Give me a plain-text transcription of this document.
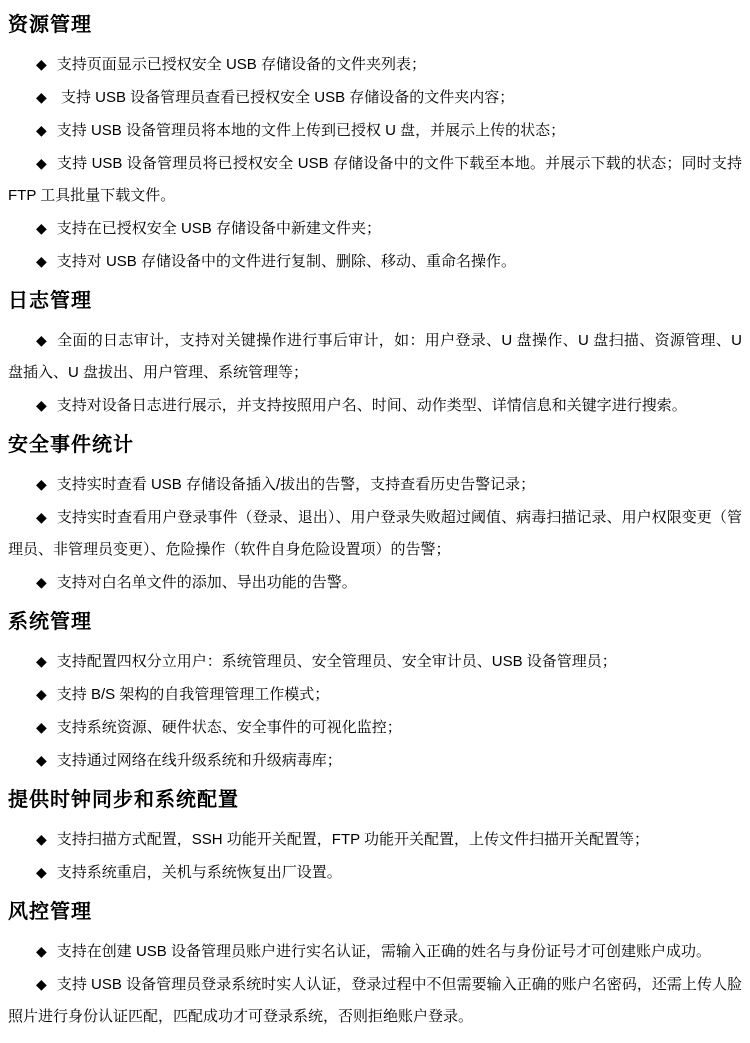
资源管理

◆ 支持页面显示已授权安全 USB 存储设备的文件夹列表；

◆ 支持 USB 设备管理员查看已授权安全 USB 存储设备的文件夹内容；

◆ 支持 USB 设备管理员将本地的文件上传到已授权 U 盘，并展示上传的状态；

◆ 支持 USB 设备管理员将已授权安全 USB 存储设备中的文件下载至本地。并展示下载的状态；同时支持 FTP 工具批量下载文件。

◆ 支持在已授权安全 USB 存储设备中新建文件夹；

◆ 支持对 USB 存储设备中的文件进行复制、删除、移动、重命名操作。

日志管理

◆ 全面的日志审计，支持对关键操作进行事后审计，如：用户登录、U 盘操作、U 盘扫描、资源管理、U 盘插入、U 盘拔出、用户管理、系统管理等；

◆ 支持对设备日志进行展示，并支持按照用户名、时间、动作类型、详情信息和关键字进行搜索。

安全事件统计

◆ 支持实时查看 USB 存储设备插入/拔出的告警，支持查看历史告警记录；

◆ 支持实时查看用户登录事件（登录、退出）、用户登录失败超过阈值、病毒扫描记录、用户权限变更（管理员、非管理员变更）、危险操作（软件自身危险设置项）的告警；

◆ 支持对白名单文件的添加、导出功能的告警。

系统管理

◆ 支持配置四权分立用户：系统管理员、安全管理员、安全审计员、USB 设备管理员；

◆ 支持 B/S 架构的自我管理管理工作模式；

◆ 支持系统资源、硬件状态、安全事件的可视化监控；

◆ 支持通过网络在线升级系统和升级病毒库；

提供时钟同步和系统配置

◆ 支持扫描方式配置，SSH 功能开关配置，FTP 功能开关配置，上传文件扫描开关配置等；

◆ 支持系统重启，关机与系统恢复出厂设置。

风控管理

◆ 支持在创建 USB 设备管理员账户进行实名认证，需输入正确的姓名与身份证号才可创建账户成功。

◆ 支持 USB 设备管理员登录系统时实人认证，登录过程中不但需要输入正确的账户名密码，还需上传人脸照片进行身份认证匹配，匹配成功才可登录系统，否则拒绝账户登录。
